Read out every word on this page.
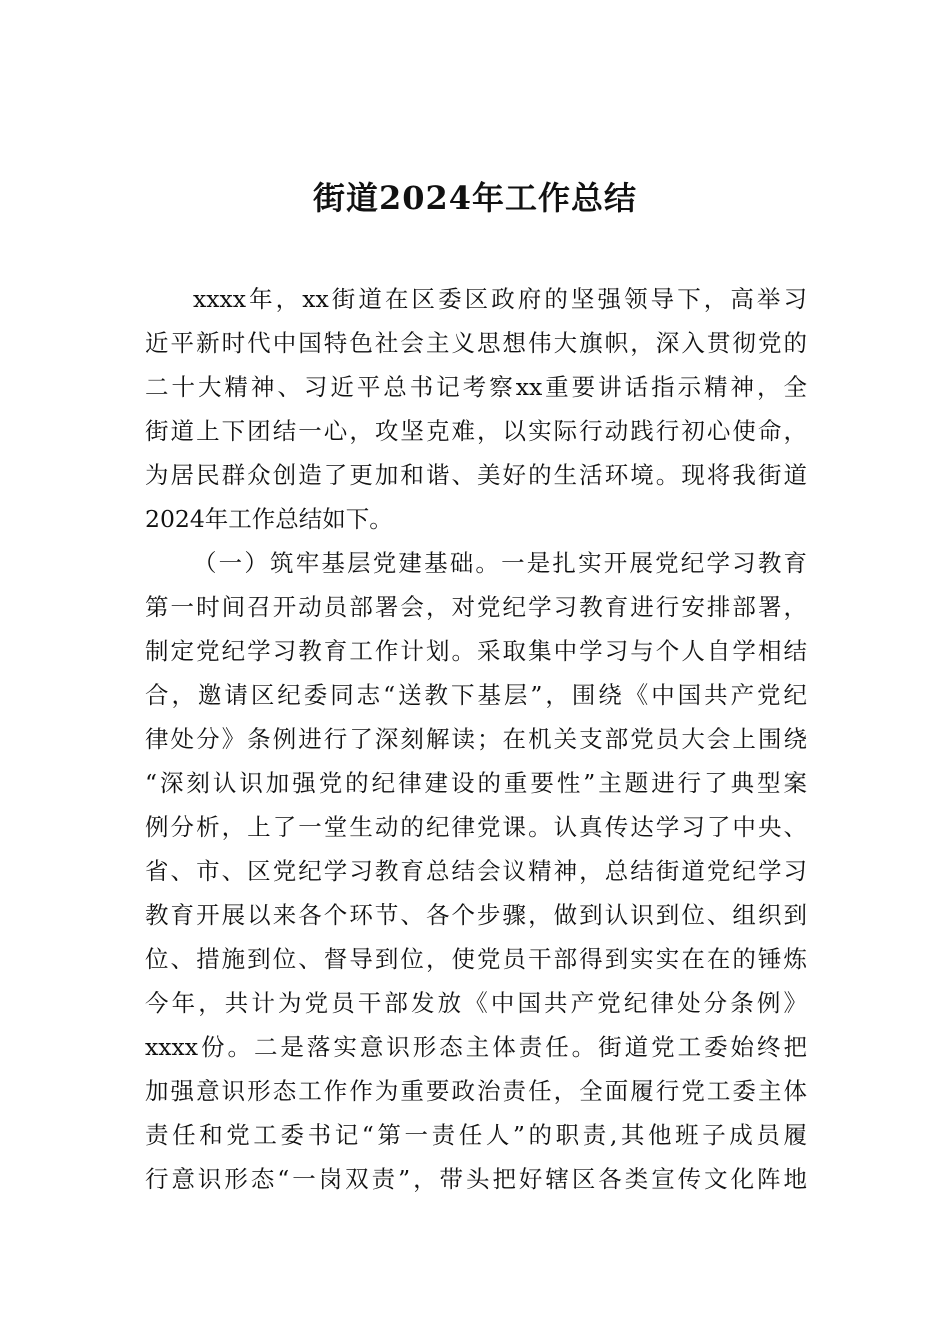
街道2024年工作总结
xxxx年，xx街道在区委区政府的坚强领导下，高举习
近平新时代中国特色社会主义思想伟大旗帜，深入贯彻党的
二十大精神、习近平总书记考察xx重要讲话指示精神，全
街道上下团结一心，攻坚克难，以实际行动践行初心使命，
为居民群众创造了更加和谐、美好的生活环境。现将我街道
2024年工作总结如下。
（一）筑牢基层党建基础。一是扎实开展党纪学习教育
第一时间召开动员部署会，对党纪学习教育进行安排部署，
制定党纪学习教育工作计划。采取集中学习与个人自学相结
合，邀请区纪委同志“送教下基层”，围绕《中国共产党纪
律处分》条例进行了深刻解读；在机关支部党员大会上围绕
“深刻认识加强党的纪律建设的重要性”主题进行了典型案
例分析，上了一堂生动的纪律党课。认真传达学习了中央、
省、市、区党纪学习教育总结会议精神，总结街道党纪学习
教育开展以来各个环节、各个步骤，做到认识到位、组织到
位、措施到位、督导到位，使党员干部得到实实在在的锤炼
今年，共计为党员干部发放《中国共产党纪律处分条例》
xxxx份。二是落实意识形态主体责任。街道党工委始终把
加强意识形态工作作为重要政治责任，全面履行党工委主体
责任和党工委书记“第一责任人”的职责,其他班子成员履
行意识形态“一岗双责”，带头把好辖区各类宣传文化阵地
